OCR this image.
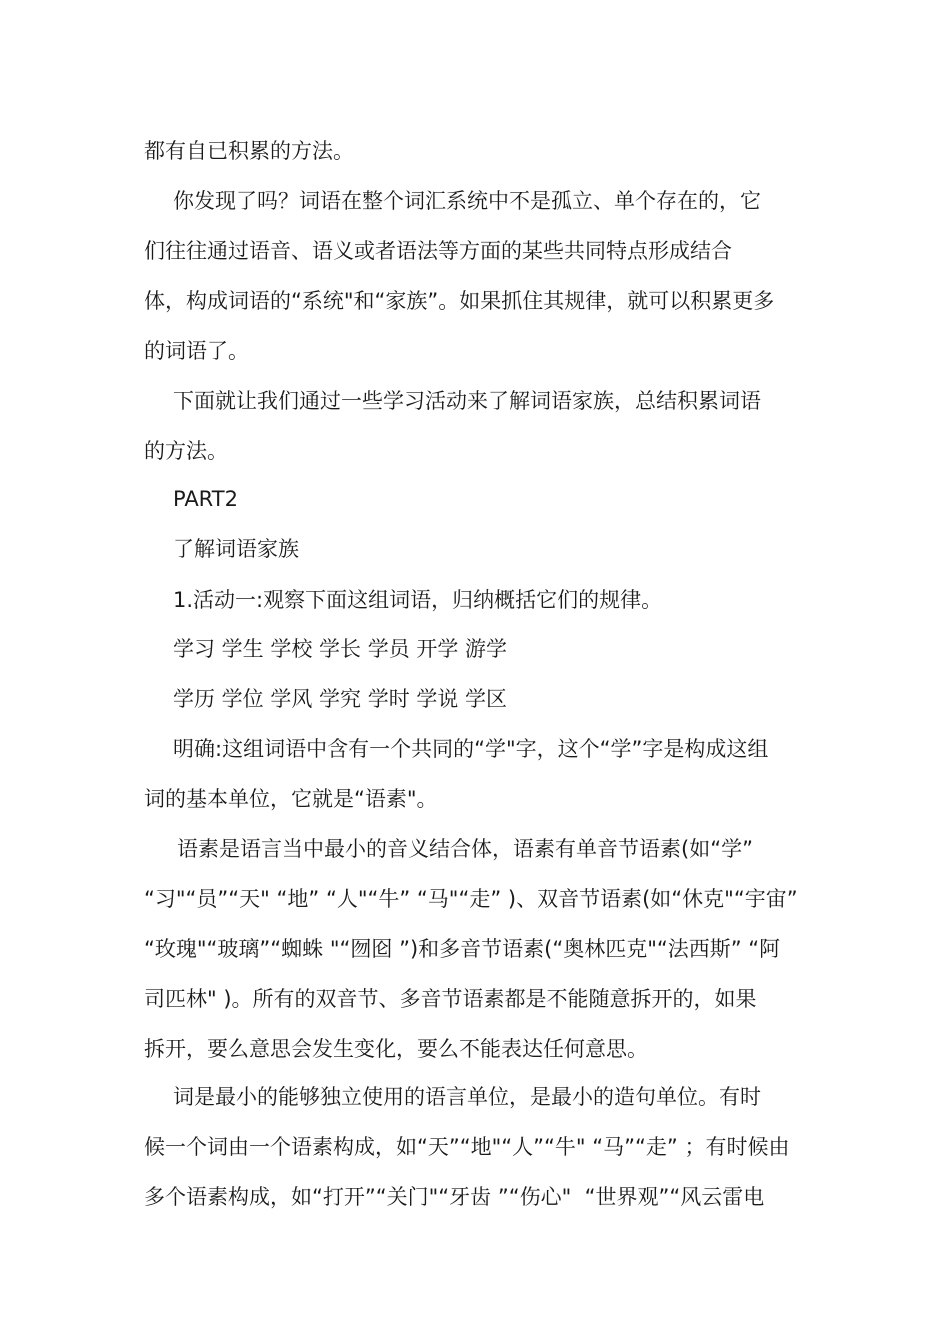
都有自已积累的方法。
你发现了吗？词语在整个词汇系统中不是孤立、单个存在的，它
们往往通过语音、语义或者语法等方面的某些共同特点形成结合
体，构成词语的“系统"和“家族”。如果抓住其规律，就可以积累更多
的词语了。
下面就让我们通过一些学习活动来了解词语家族，总结积累词语
的方法。
PART2
了解词语家族
1.活动一:观察下面这组词语，归纳概括它们的规律。
学习 学生 学校 学长 学员 开学 游学
学历 学位 学风 学究 学时 学说 学区
明确:这组词语中含有一个共同的“学"字，这个“学”字是构成这组
词的基本单位，它就是“语素"。
语素是语言当中最小的音义结合体，语素有单音节语素(如“学”
“习"“员”“天" “地” “人"“牛” “马"“走” )、双音节语素(如“休克"“宇宙”
“玫瑰"“玻璃”“蜘蛛 "“囫囵 ”)和多音节语素(“奥林匹克"“法西斯” “阿
司匹林" )。所有的双音节、多音节语素都是不能随意拆开的，如果
拆开，要么意思会发生变化，要么不能表达任何意思。
词是最小的能够独立使用的语言单位，是最小的造句单位。有时
候一个词由一个语素构成，如“天”“地"“人”“牛" “马”“走” ；有时候由
多个语素构成，如“打开”“关门"“牙齿 ”“伤心"  “世界观”“风云雷电
